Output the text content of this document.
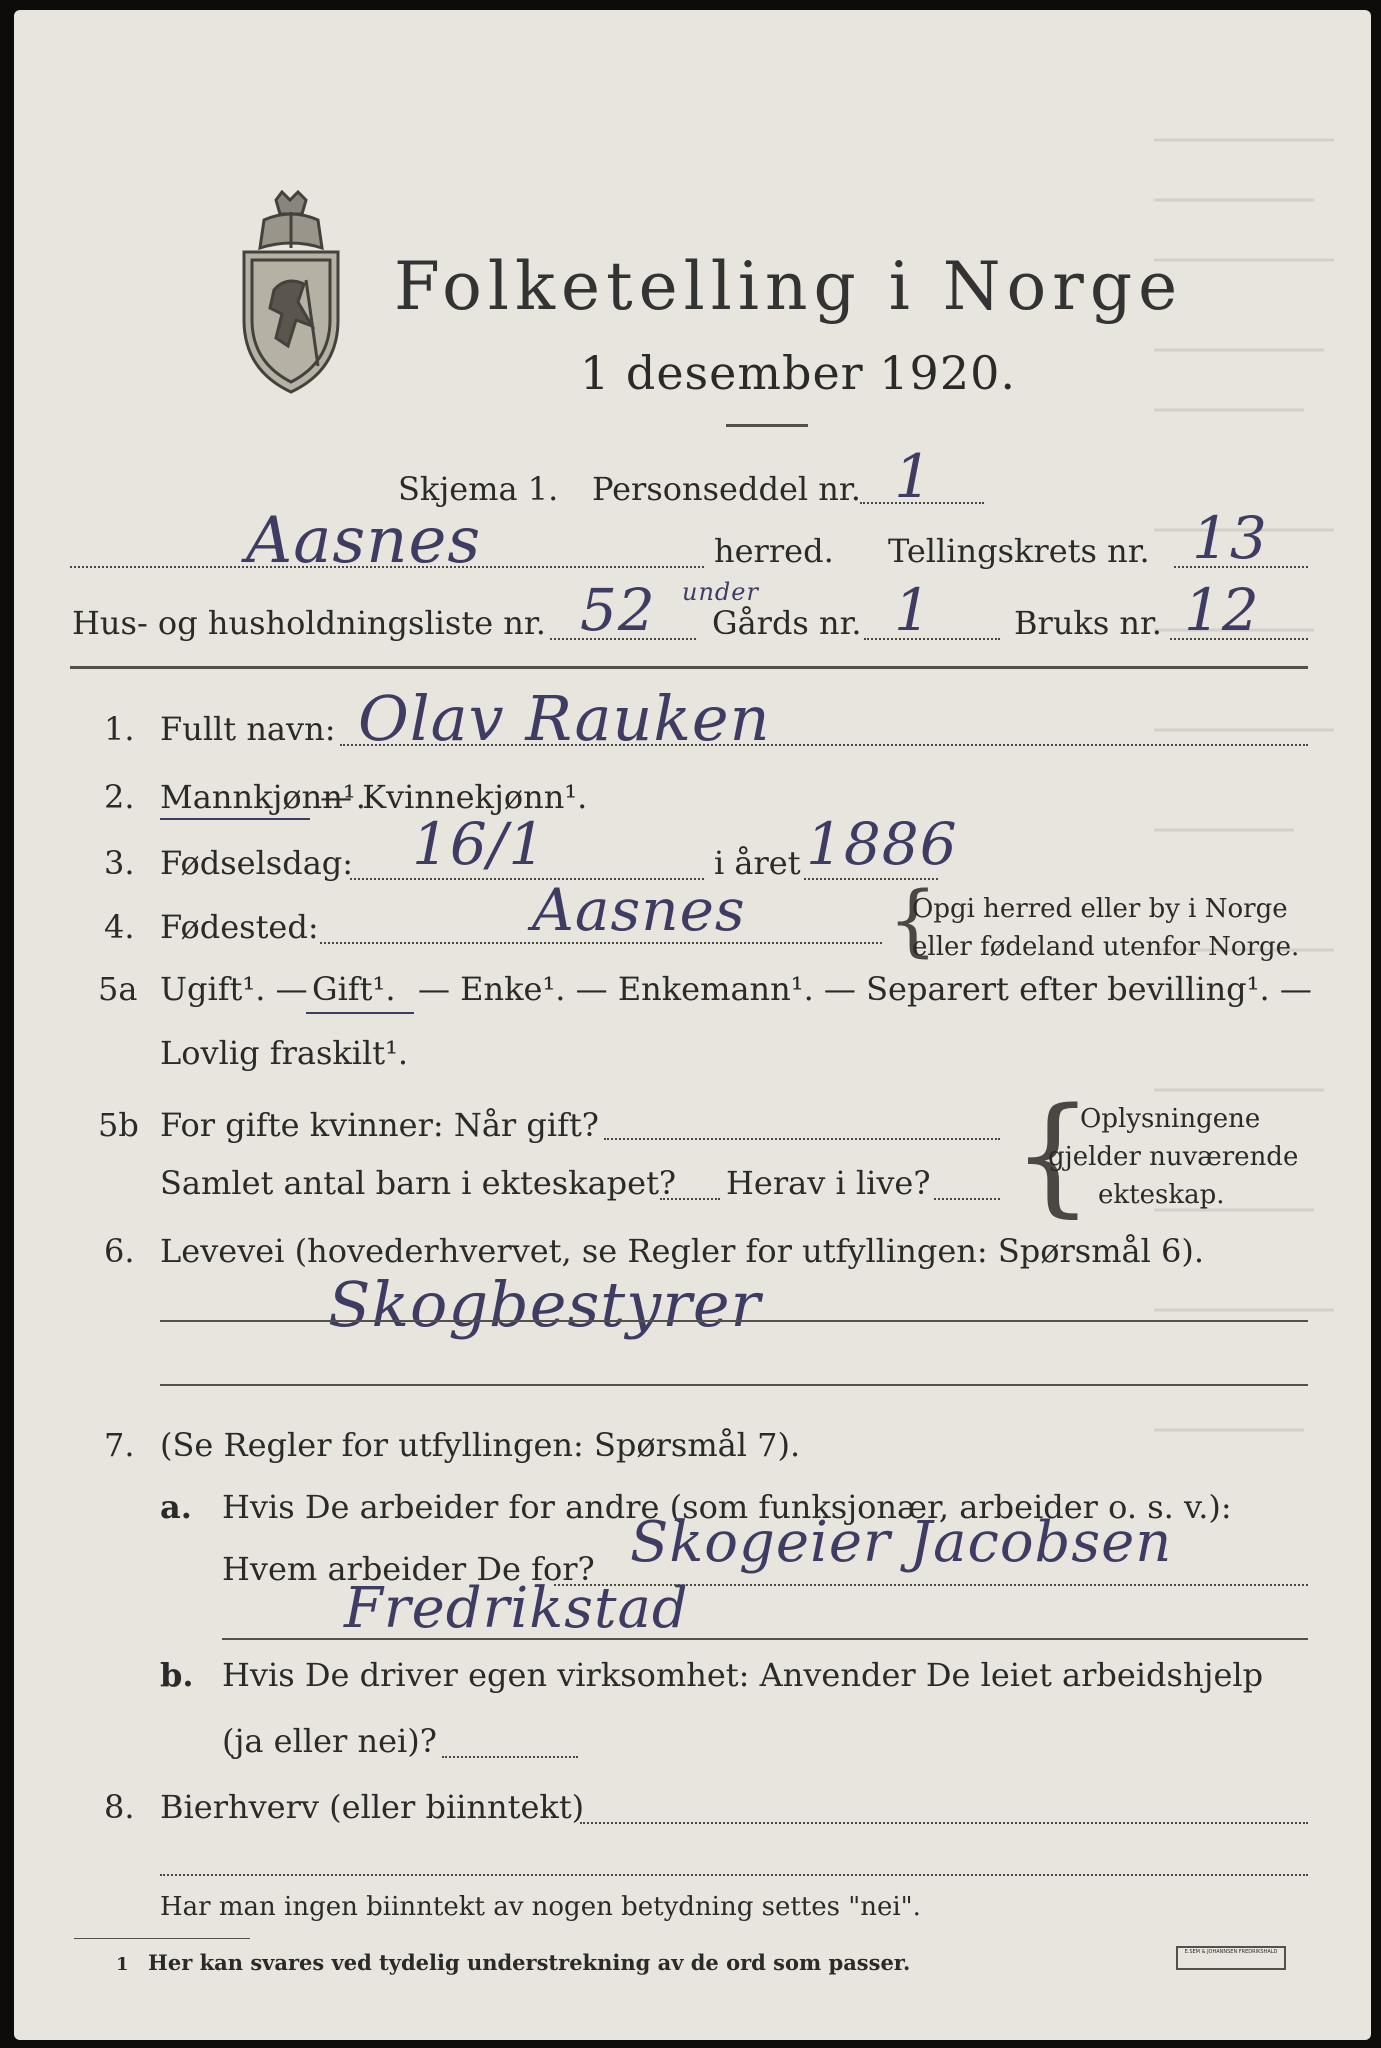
Folketelling i Norge
1 desember 1920.
Skjema 1. Personseddel nr. 1
Aasnes	herred. Tellingskrets nr. 13
Hus- og husholdningsliste nr. 52 under
Gårds nr. 1	Bruks nr. 12
1. Fullt navn: Olav Rauken
2. Mannkjønn¹.
— Kvinnekjønn¹.
3. Fødselsdag: 16/1	i året 1886
4. Fødested:	Aasnes {
Opgi herred eller by i Norge
eller fødeland utenfor Norge.
5a Ugift¹. — Gift¹. — Enke¹. — Enkemann¹. — Separert efter bevilling¹. —
Lovlig fraskilt¹.
5b For gifte kvinner: Når gift?
Samlet antal barn i ekteskapet? Herav i live? {
Oplysningene
gjelder nuværende
ekteskap.
6. Levevei (hovederhvervet, se Regler for utfyllingen: Spørsmål 6).
Skogbestyrer
7. (Se Regler for utfyllingen: Spørsmål 7).
a. Hvis De arbeider for andre (som funksjonær, arbeider o. s. v.):
Hvem arbeider De for? Skogeier Jacobsen
Fredrikstad
b. Hvis De driver egen virksomhet: Anvender De leiet arbeidshjelp
(ja eller nei)?
8. Bierhverv (eller biinntekt)
Har man ingen biinntekt av nogen betydning settes "nei".
1 Her kan svares ved tydelig understrekning av de ord som passer.	E.SEM & JOHANNSEN FREDRIKSHALD
